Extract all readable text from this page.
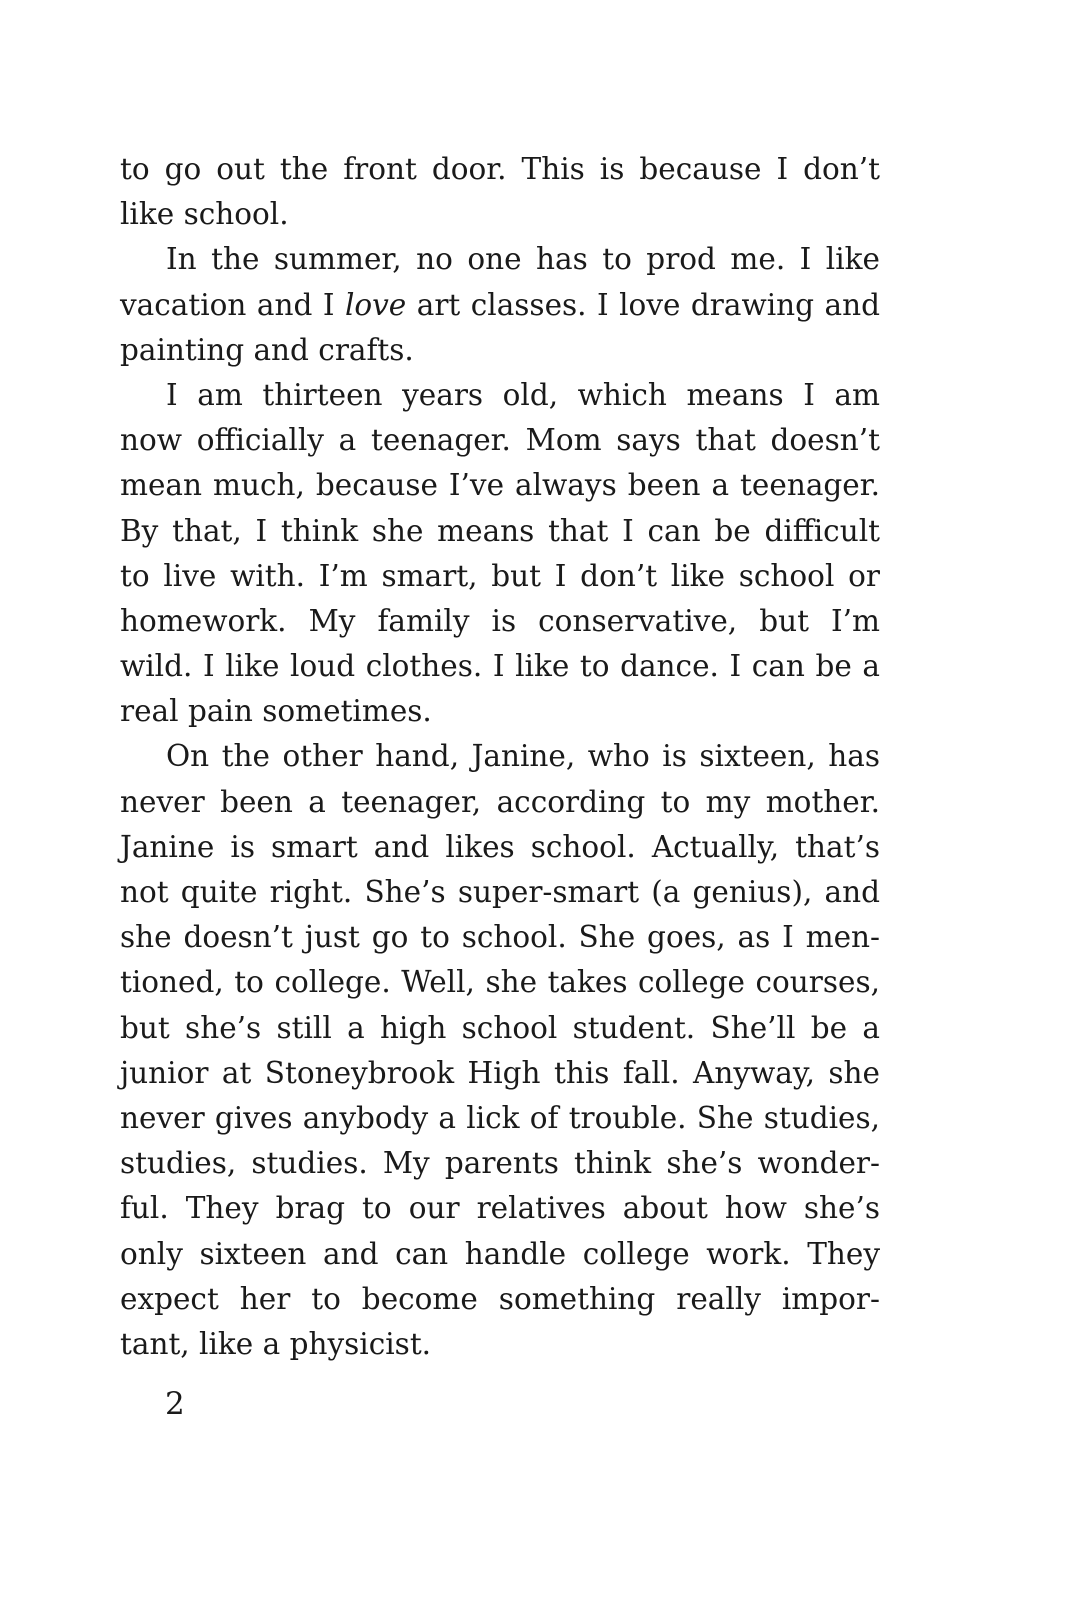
to go out the front door. This is because I don’t
like school.
In the summer, no one has to prod me. I like
vacation and I love art classes. I love drawing and
painting and crafts.
I am thirteen years old, which means I am
now officially a teenager. Mom says that doesn’t
mean much, because I’ve always been a teenager.
By that, I think she means that I can be difficult
to live with. I’m smart, but I don’t like school or
homework. My family is conservative, but I’m
wild. I like loud clothes. I like to dance. I can be a
real pain sometimes.
On the other hand, Janine, who is sixteen, has
never been a teenager, according to my mother.
Janine is smart and likes school. Actually, that’s
not quite right. She’s super-smart (a genius), and
she doesn’t just go to school. She goes, as I men-
tioned, to college. Well, she takes college courses,
but she’s still a high school student. She’ll be a
junior at Stoneybrook High this fall. Anyway, she
never gives anybody a lick of trouble. She studies,
studies, studies. My parents think she’s wonder-
ful. They brag to our relatives about how she’s
only sixteen and can handle college work. They
expect her to become something really impor-
tant, like a physicist.
2
